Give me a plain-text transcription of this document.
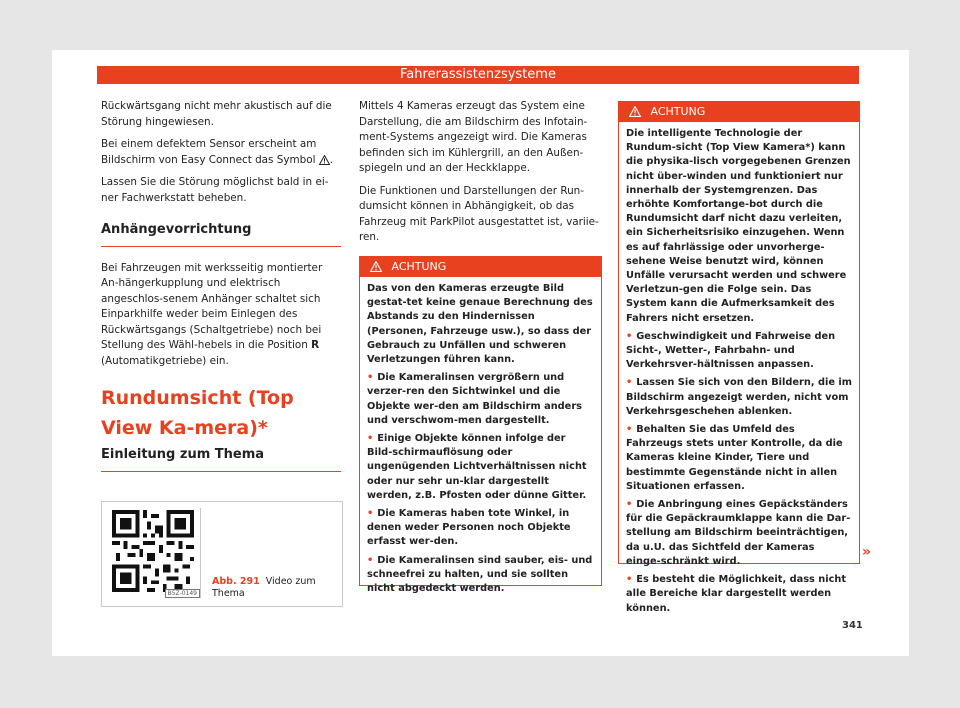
Fahrerassistenzsysteme

Rückwärtsgang nicht mehr akustisch auf die Störung hingewiesen.

Bei einem defektem Sensor erscheint am Bildschirm von Easy Connect das Symbol .

Lassen Sie die Störung möglichst bald in ei-ner Fachwerkstatt beheben.

Anhängevorrichtung

Bei Fahrzeugen mit werksseitig montierter An-hängerkupplung und elektrisch angeschlos-senem Anhänger schaltet sich Einparkhilfe weder beim Einlegen des Rückwärtsgangs (Schaltgetriebe) noch bei Stellung des Wähl-hebels in die Position R (Automatikgetriebe) ein.

Rundumsicht (Top View Ka-mera)*
Einleitung zum Thema
B5Z-0149
Abb. 291 Video zum Thema

Mittels 4 Kameras erzeugt das System eine Darstellung, die am Bildschirm des Infotain-ment-Systems angezeigt wird. Die Kameras befinden sich im Kühlergrill, an den Außen-spiegeln und an der Heckklappe.

Die Funktionen und Darstellungen der Run-dumsicht können in Abhängigkeit, ob das Fahrzeug mit ParkPilot ausgestattet ist, variie-ren.

ACHTUNG

Das von den Kameras erzeugte Bild gestat-tet keine genaue Berechnung des Abstands zu den Hindernissen (Personen, Fahrzeuge usw.), so dass der Gebrauch zu Unfällen und schweren Verletzungen führen kann.

• Die Kameralinsen vergrößern und verzer-ren den Sichtwinkel und die Objekte wer-den am Bildschirm anders und verschwom-men dargestellt.

• Einige Objekte können infolge der Bild-schirmauflösung oder ungenügenden Lichtverhältnissen nicht oder nur sehr un-klar dargestellt werden, z.B. Pfosten oder dünne Gitter.

• Die Kameras haben tote Winkel, in denen weder Personen noch Objekte erfasst wer-den.

• Die Kameralinsen sind sauber, eis- und schneefrei zu halten, und sie sollten nicht abgedeckt werden.

ACHTUNG

Die intelligente Technologie der Rundum-sicht (Top View Kamera*) kann die physika-lisch vorgegebenen Grenzen nicht über-winden und funktioniert nur innerhalb der Systemgrenzen. Das erhöhte Komfortange-bot durch die Rundumsicht darf nicht dazu verleiten, ein Sicherheitsrisiko einzugehen. Wenn es auf fahrlässige oder unvorherge-sehene Weise benutzt wird, können Unfälle verursacht werden und schwere Verletzun-gen die Folge sein. Das System kann die Aufmerksamkeit des Fahrers nicht ersetzen.

• Geschwindigkeit und Fahrweise den Sicht-, Wetter-, Fahrbahn- und Verkehrsver-hältnissen anpassen.

• Lassen Sie sich von den Bildern, die im Bildschirm angezeigt werden, nicht vom Verkehrsgeschehen ablenken.

• Behalten Sie das Umfeld des Fahrzeugs stets unter Kontrolle, da die Kameras kleine Kinder, Tiere und bestimmte Gegenstände nicht in allen Situationen erfassen.

• Die Anbringung eines Gepäckständers für die Gepäckraumklappe kann die Dar-stellung am Bildschirm beeinträchtigen, da u.U. das Sichtfeld der Kameras einge-schränkt wird.

• Es besteht die Möglichkeit, dass nicht alle Bereiche klar dargestellt werden können.

»
341
